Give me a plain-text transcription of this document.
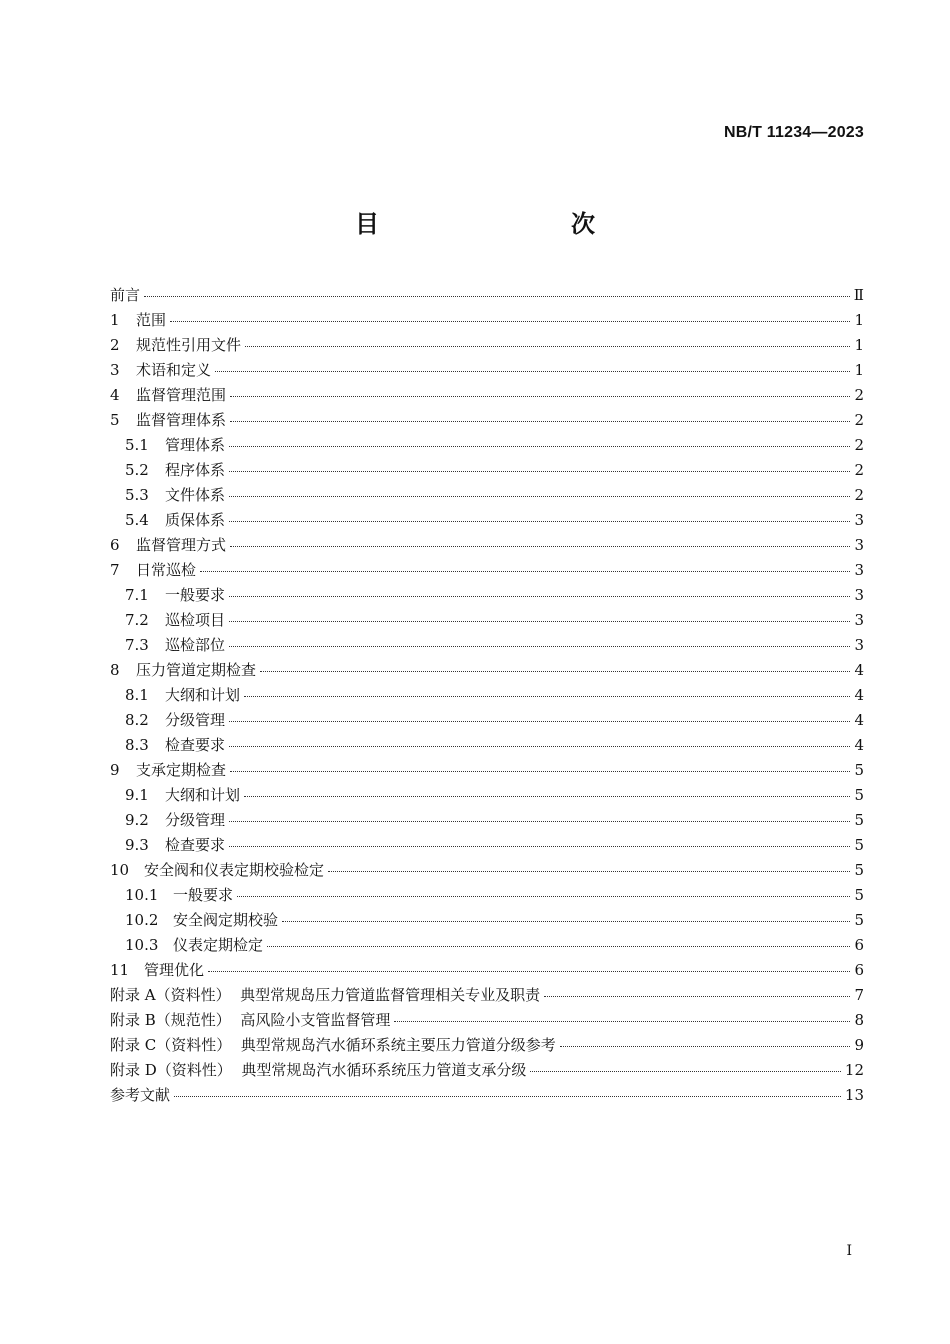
NB/T 11234—2023
目　　次
前言	Ⅱ
1	范围	1
2	规范性引用文件	1
3	术语和定义	1
4	监督管理范围	2
5	监督管理体系	2
5.1	管理体系	2
5.2	程序体系	2
5.3	文件体系	2
5.4	质保体系	3
6	监督管理方式	3
7	日常巡检	3
7.1	一般要求	3
7.2	巡检项目	3
7.3	巡检部位	3
8	压力管道定期检查	4
8.1	大纲和计划	4
8.2	分级管理	4
8.3	检查要求	4
9	支承定期检查	5
9.1	大纲和计划	5
9.2	分级管理	5
9.3	检查要求	5
10 安全阀和仪表定期校验检定	5
10.1 一般要求	5
10.2 安全阀定期校验	5
10.3 仪表定期检定	6
11 管理优化	6
附录 A（资料性）  典型常规岛压力管道监督管理相关专业及职责	7
附录 B（规范性）  高风险小支管监督管理	8
附录 C（资料性）  典型常规岛汽水循环系统主要压力管道分级参考	9
附录 D（资料性）  典型常规岛汽水循环系统压力管道支承分级	12
参考文献	13
I
